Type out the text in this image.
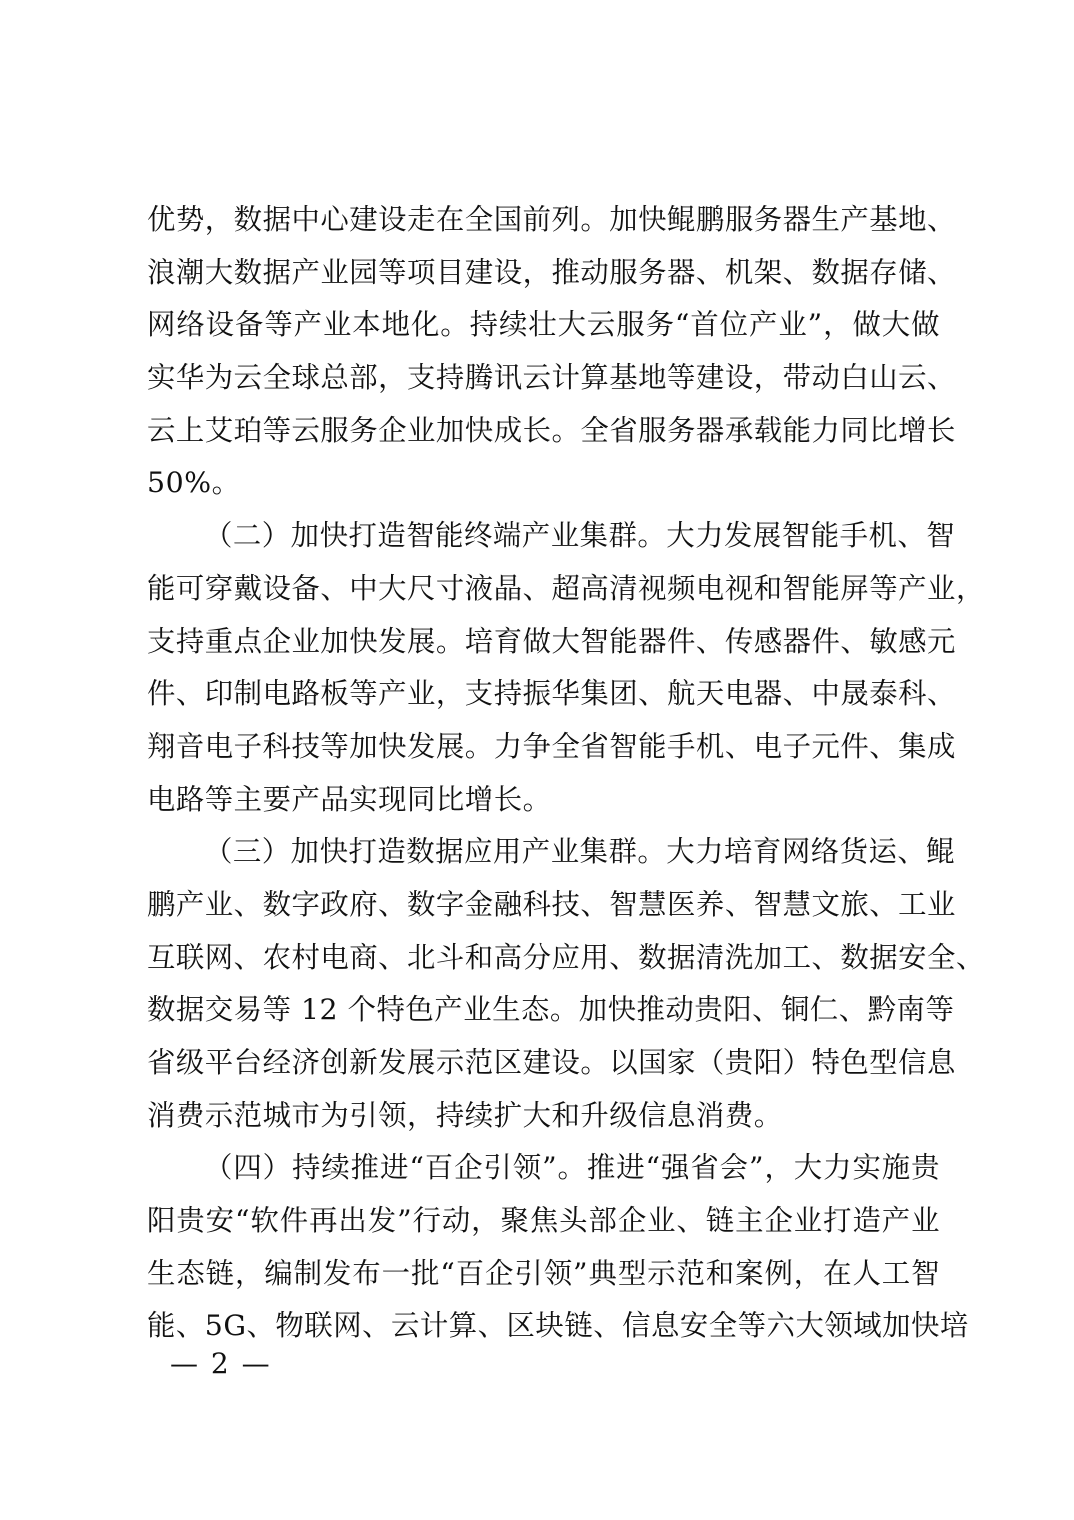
优势，数据中心建设走在全国前列。加快鲲鹏服务器生产基地、
浪潮大数据产业园等项目建设，推动服务器、机架、数据存储、
网络设备等产业本地化。持续壮大云服务“首位产业”，做大做
实华为云全球总部，支持腾讯云计算基地等建设，带动白山云、
云上艾珀等云服务企业加快成长。全省服务器承载能力同比增长
50%。
（二）加快打造智能终端产业集群。大力发展智能手机、智
能可穿戴设备、中大尺寸液晶、超高清视频电视和智能屏等产业，
支持重点企业加快发展。培育做大智能器件、传感器件、敏感元
件、印制电路板等产业，支持振华集团、航天电器、中晟泰科、
翔音电子科技等加快发展。力争全省智能手机、电子元件、集成
电路等主要产品实现同比增长。
（三）加快打造数据应用产业集群。大力培育网络货运、鲲
鹏产业、数字政府、数字金融科技、智慧医养、智慧文旅、工业
互联网、农村电商、北斗和高分应用、数据清洗加工、数据安全、
数据交易等 12 个特色产业生态。加快推动贵阳、铜仁、黔南等
省级平台经济创新发展示范区建设。以国家（贵阳）特色型信息
消费示范城市为引领，持续扩大和升级信息消费。
（四）持续推进“百企引领”。推进“强省会”，大力实施贵
阳贵安“软件再出发”行动，聚焦头部企业、链主企业打造产业
生态链，编制发布一批“百企引领”典型示范和案例，在人工智
能、5G、物联网、云计算、区块链、信息安全等六大领域加快培
— 2 —
